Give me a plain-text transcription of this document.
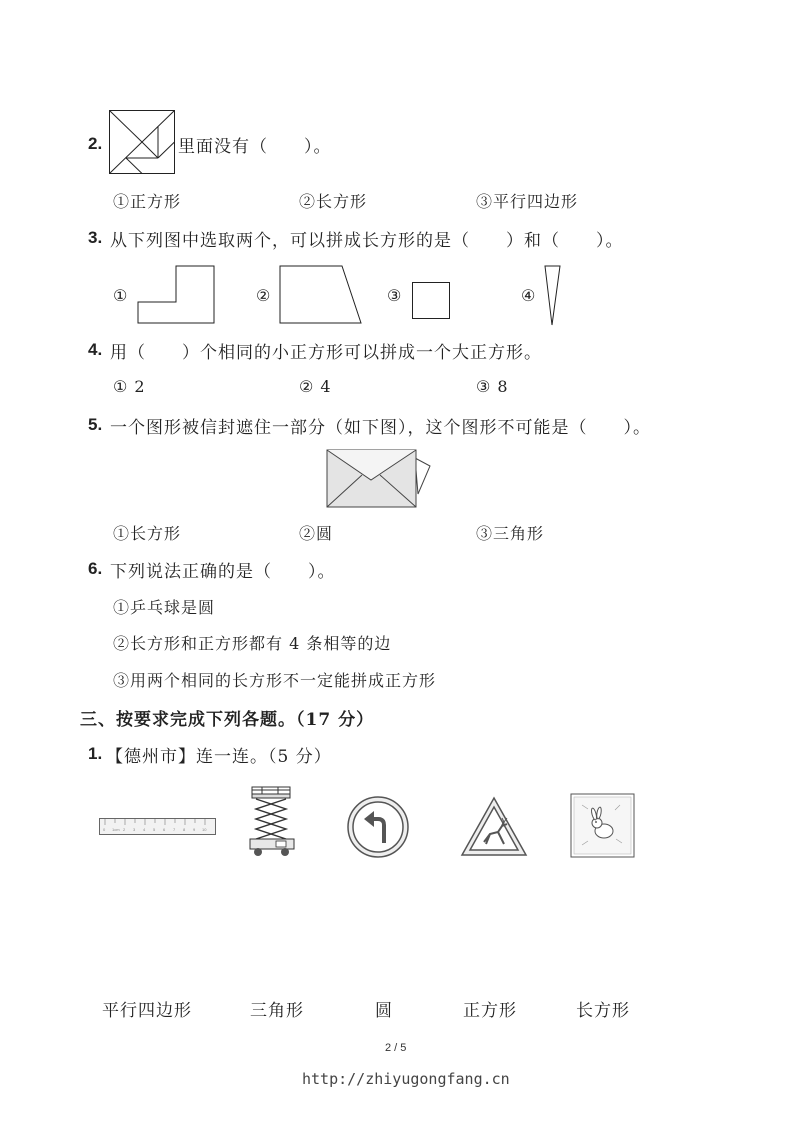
2.	里面没有（　　）。
①正方形	②长方形	③平行四边形
3. 从下列图中选取两个，可以拼成长方形的是（　　）和（　　）。
①	②	③	④
4. 用（　　）个相同的小正方形可以拼成一个大正方形。
① 2	② 4	③ 8
5. 一个图形被信封遮住一部分（如下图），这个图形不可能是（　　）。
①长方形	②圆	③三角形
6. 下列说法正确的是（　　）。
①乒乓球是圆
②长方形和正方形都有 4 条相等的边
③用两个相同的长方形不一定能拼成正方形
三、按要求完成下列各题。（17 分）
1. 【德州市】连一连。（5 分）
0 1cm 2 3 4 5 6 7 8 9 10
平行四边形	三角形	圆	正方形	长方形
2 / 5
http://zhiyugongfang.cn
